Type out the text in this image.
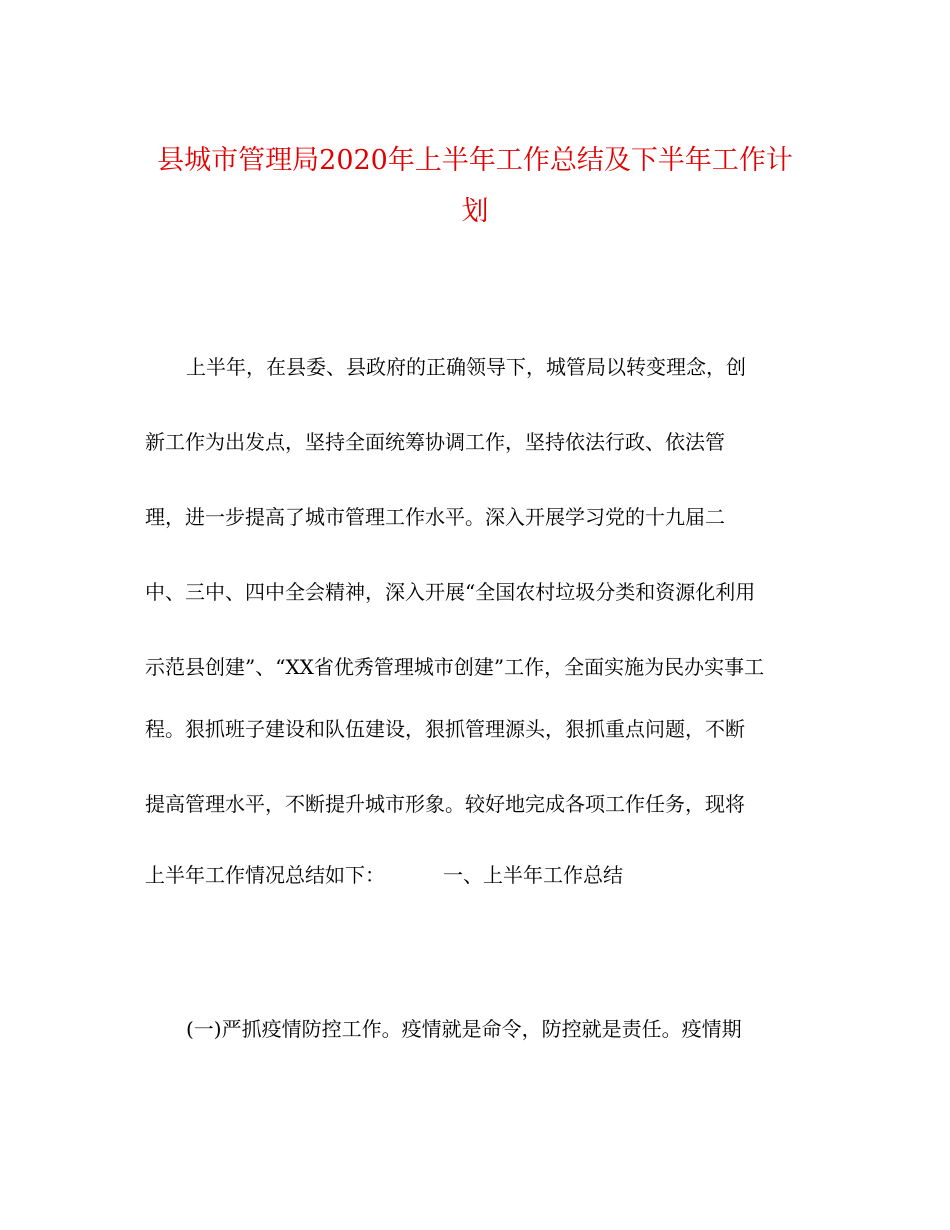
县城市管理局2020年上半年工作总结及下半年工作计
划

上半年，在县委、县政府的正确领导下，城管局以转变理念，创

新工作为出发点，坚持全面统筹协调工作，坚持依法行政、依法管

理，进一步提高了城市管理工作水平。深入开展学习党的十九届二

中、三中、四中全会精神，深入开展“全国农村垃圾分类和资源化利用

示范县创建”、“XX省优秀管理城市创建”工作，全面实施为民办实事工

程。狠抓班子建设和队伍建设，狠抓管理源头，狠抓重点问题，不断

提高管理水平，不断提升城市形象。较好地完成各项工作任务，现将

上半年工作情况总结如下：	一、上半年工作总结

(一)严抓疫情防控工作。疫情就是命令，防控就是责任。疫情期
